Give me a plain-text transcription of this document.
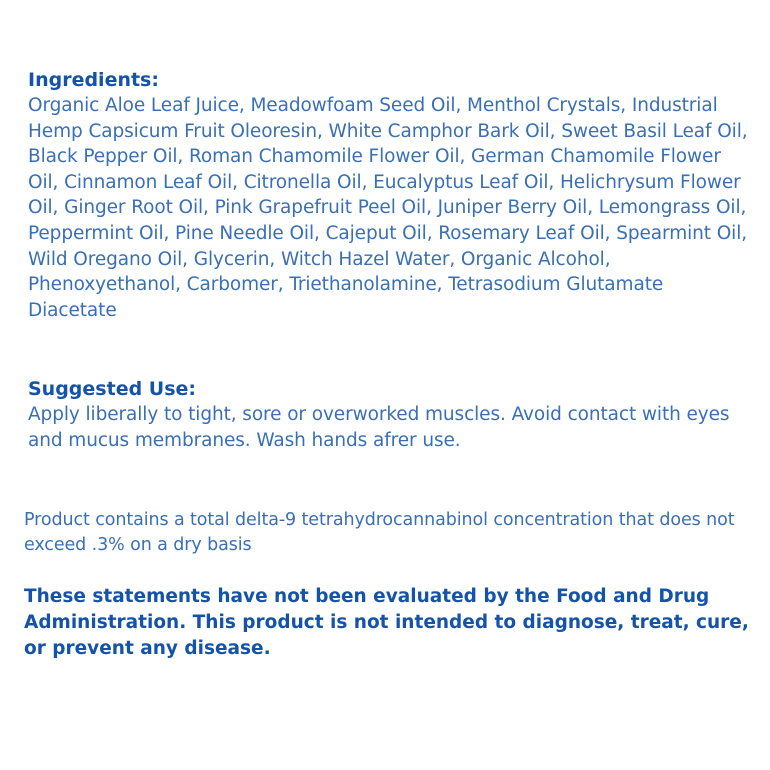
Ingredients:

Organic Aloe Leaf Juice, Meadowfoam Seed Oil, Menthol Crystals, Industrial Hemp Capsicum Fruit Oleoresin, White Camphor Bark Oil, Sweet Basil Leaf Oil, Black Pepper Oil, Roman Chamomile Flower Oil, German Chamomile Flower Oil, Cinnamon Leaf Oil, Citronella Oil, Eucalyptus Leaf Oil, Helichrysum Flower Oil, Ginger Root Oil, Pink Grapefruit Peel Oil, Juniper Berry Oil, Lemongrass Oil, Peppermint Oil, Pine Needle Oil, Cajeput Oil, Rosemary Leaf Oil, Spearmint Oil, Wild Oregano Oil, Glycerin, Witch Hazel Water, Organic Alcohol, Phenoxyethanol, Carbomer, Triethanolamine, Tetrasodium Glutamate Diacetate

Suggested Use:

Apply liberally to tight, sore or overworked muscles. Avoid contact with eyes and mucus membranes. Wash hands afrer use.

Product contains a total delta-9 tetrahydrocannabinol concentration that does not exceed .3% on a dry basis

These statements have not been evaluated by the Food and Drug Administration. This product is not intended to diagnose, treat, cure, or prevent any disease.
